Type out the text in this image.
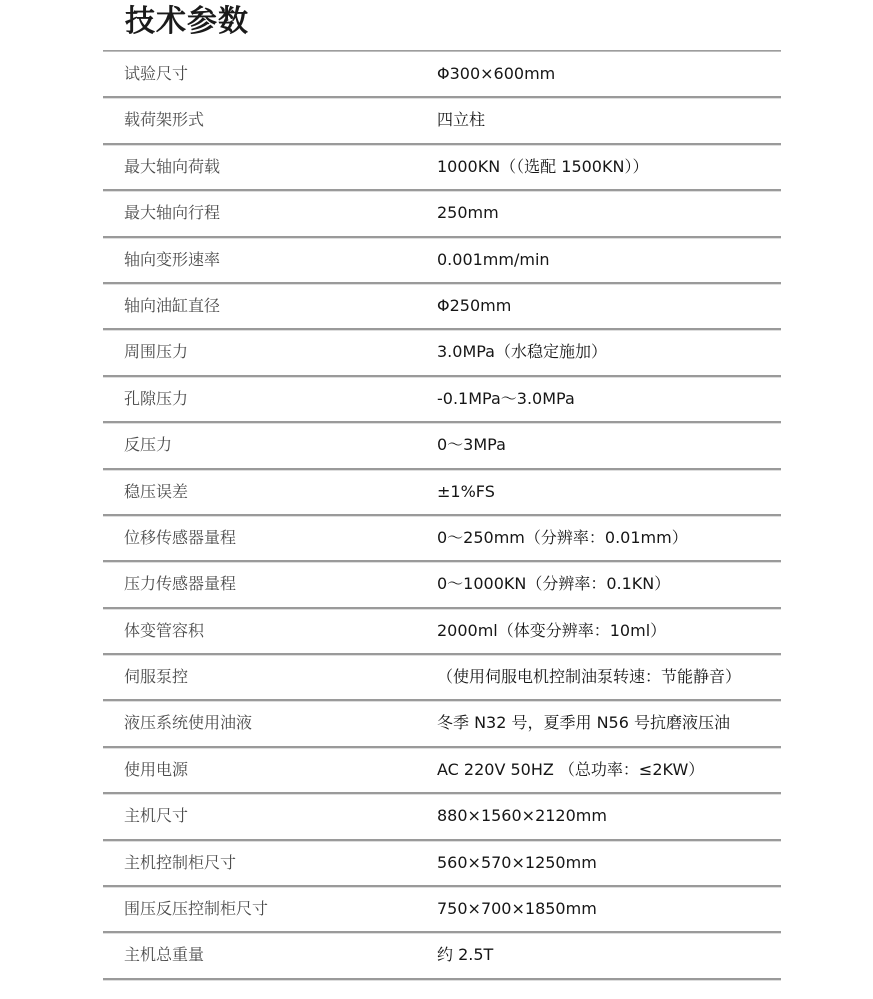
技术参数
试验尺寸	Φ300×600mm
载荷架形式	四立柱
最大轴向荷载	1000KN（（选配 1500KN））
最大轴向行程	250mm
轴向变形速率	0.001mm/min
轴向油缸直径	Φ250mm
周围压力	3.0MPa（水稳定施加）
孔隙压力	-0.1MPa～3.0MPa
反压力	0～3MPa
稳压误差	±1%FS
位移传感器量程	0～250mm（分辨率：0.01mm）
压力传感器量程	0～1000KN（分辨率：0.1KN）
体变管容积	2000ml（体变分辨率：10ml）
伺服泵控	（使用伺服电机控制油泵转速：节能静音）
液压系统使用油液	冬季 N32 号，夏季用 N56 号抗磨液压油
使用电源	AC 220V 50HZ （总功率：≤2KW）
主机尺寸	880×1560×2120mm
主机控制柜尺寸	560×570×1250mm
围压反压控制柜尺寸	750×700×1850mm
主机总重量	约 2.5T
